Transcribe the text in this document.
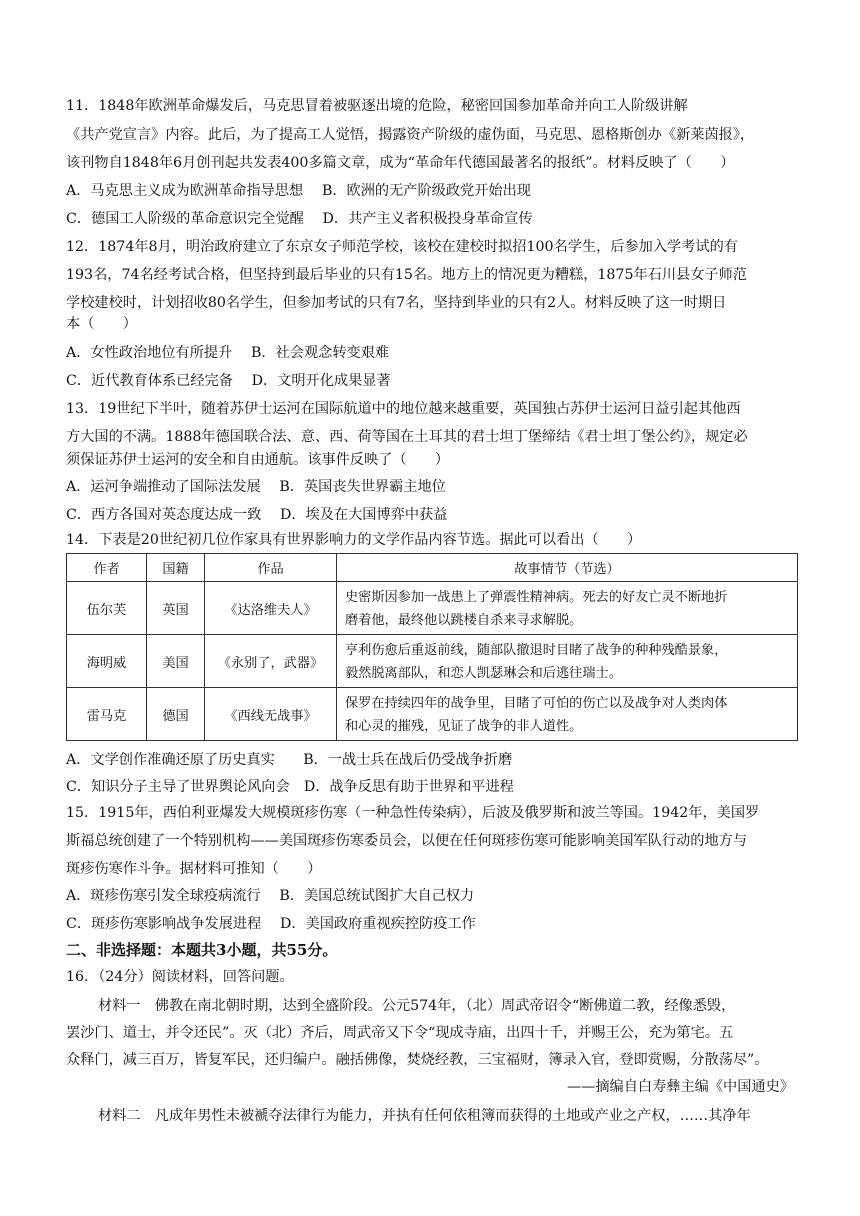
11．1848年欧洲革命爆发后，马克思冒着被驱逐出境的危险，秘密回国参加革命并向工人阶级讲解
《共产党宣言》内容。此后，为了提高工人觉悟，揭露资产阶级的虚伪面，马克思、恩格斯创办《新莱茵报》，
该刊物自1848年6月创刊起共发表400多篇文章，成为“革命年代德国最著名的报纸”。材料反映了（　　）
A．马克思主义成为欧洲革命指导思想　 B．欧洲的无产阶级政党开始出现
C．德国工人阶级的革命意识完全觉醒　 D．共产主义者积极投身革命宣传
12．1874年8月，明治政府建立了东京女子师范学校，该校在建校时拟招100名学生，后参加入学考试的有
193名，74名经考试合格，但坚持到最后毕业的只有15名。地方上的情况更为糟糕，1875年石川县女子师范
学校建校时，计划招收80名学生，但参加考试的只有7名，坚持到毕业的只有2人。材料反映了这一时期日
本（　　）
A．女性政治地位有所提升　 B．社会观念转变艰难
C．近代教育体系已经完备　 D．文明开化成果显著
13．19世纪下半叶，随着苏伊士运河在国际航道中的地位越来越重要，英国独占苏伊士运河日益引起其他西
方大国的不满。1888年德国联合法、意、西、荷等国在土耳其的君士坦丁堡缔结《君士坦丁堡公约》，规定必
须保证苏伊士运河的安全和自由通航。该事件反映了（　　）
A．运河争端推动了国际法发展　 B．英国丧失世界霸主地位
C．西方各国对英态度达成一致　 D．埃及在大国博弈中获益
14．下表是20世纪初几位作家具有世界影响力的文学作品内容节选。据此可以看出（　　）
作者	国籍	作品	故事情节（节选）
伍尔芙	英国	《达洛维夫人》	史密斯因参加一战患上了弹震性精神病。死去的好友亡灵不断地折
磨着他，最终他以跳楼自杀来寻求解脱。

海明威	美国	《永别了，武器》	亨利伤愈后重返前线，随部队撤退时目睹了战争的种种残酷景象，
毅然脱离部队，和恋人凯瑟琳会和后逃往瑞士。

雷马克	德国	《西线无战事》	保罗在持续四年的战争里，目睹了可怕的伤亡以及战争对人类肉体
和心灵的摧残，见证了战争的非人道性。
A．文学创作准确还原了历史真实　　B．一战士兵在战后仍受战争折磨
C．知识分子主导了世界舆论风向会　D．战争反思有助于世界和平进程
15．1915年，西伯利亚爆发大规模斑疹伤寒（一种急性传染病），后波及俄罗斯和波兰等国。1942年，美国罗
斯福总统创建了一个特别机构——美国斑疹伤寒委员会，以便在任何斑疹伤寒可能影响美国军队行动的地方与
斑疹伤寒作斗争。据材料可推知（　　）
A．斑疹伤寒引发全球疫病流行　 B．美国总统试图扩大自己权力
C．斑疹伤寒影响战争发展进程　 D．美国政府重视疾控防疫工作
二、非选择题：本题共3小题，共55分。
16．（24分）阅读材料，回答问题。
材料一　佛教在南北朝时期，达到全盛阶段。公元574年，（北）周武帝诏令“断佛道二教，经像悉毁，
罢沙门、道士，并令还民”。灭（北）齐后，周武帝又下令“现成寺庙，出四十千，并赐王公，充为第宅。五
众释门，减三百万，皆复军民，还归编户。融括佛像，焚烧经教，三宝福财，簿录入官，登即赏赐，分散荡尽”。
——摘编自白寿彝主编《中国通史》
材料二　凡成年男性未被褫夺法律行为能力，并执有任何依租簿而获得的土地或产业之产权，……其净年
